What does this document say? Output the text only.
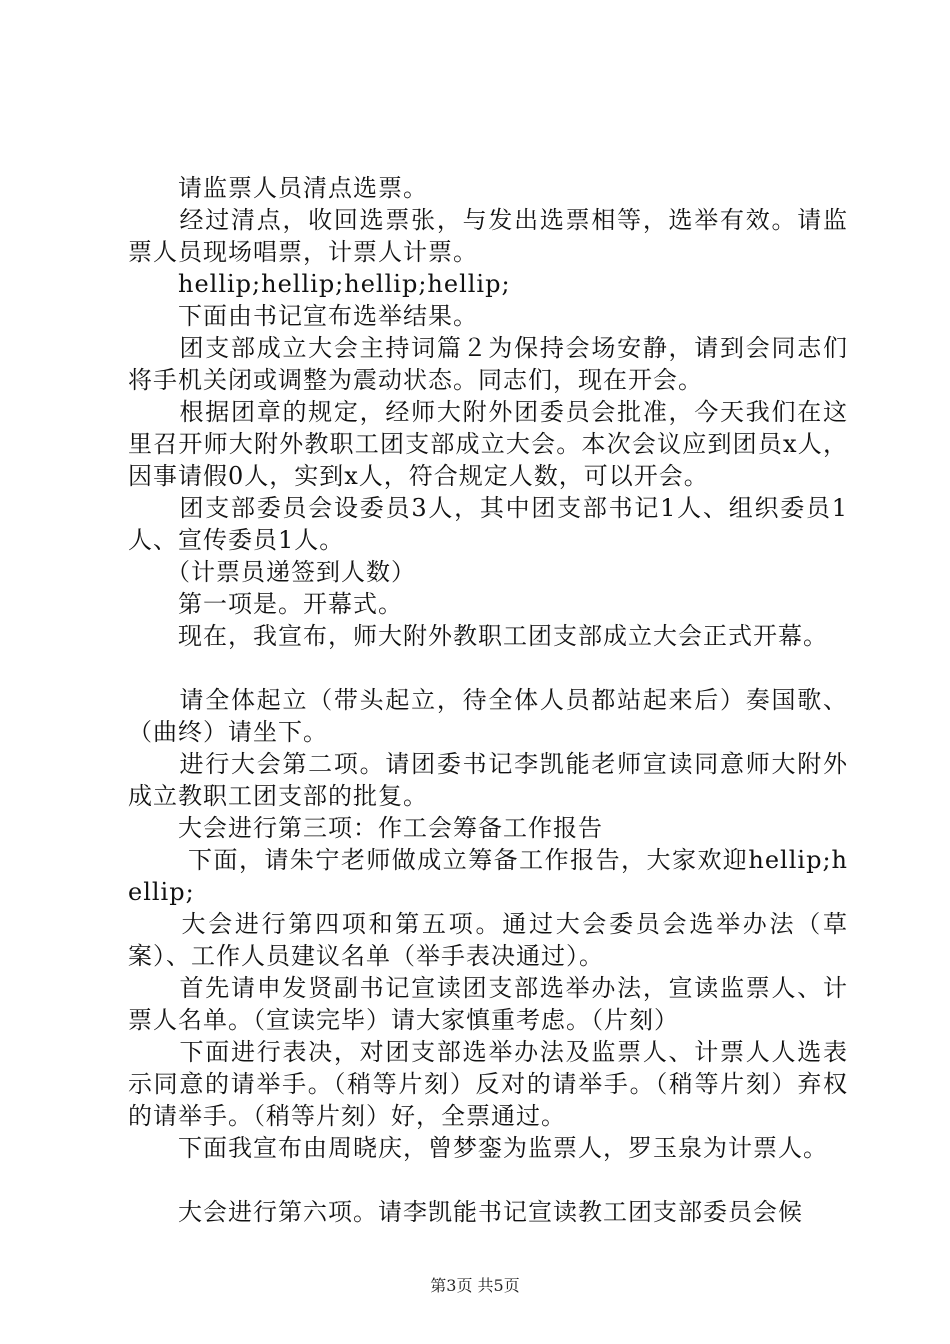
　　请监票人员清点选票。

　　经过清点，收回选票张，与发出选票相等，选举有效。请监票人员现场唱票，计票人计票。

　　hellip;hellip;hellip;hellip;

　　下面由书记宣布选举结果。

　　团支部成立大会主持词篇２为保持会场安静，请到会同志们将手机关闭或调整为震动状态。同志们，现在开会。

　　根据团章的规定，经师大附外团委员会批准，今天我们在这里召开师大附外教职工团支部成立大会。本次会议应到团员x人，因事请假0人，实到x人，符合规定人数，可以开会。

　　团支部委员会设委员3人，其中团支部书记1人、组织委员1人、宣传委员1人。

　　（计票员递签到人数）

　　第一项是。开幕式。

　　现在，我宣布，师大附外教职工团支部成立大会正式开幕。

　　请全体起立（带头起立，待全体人员都站起来后）奏国歌、（曲终）请坐下。

　　进行大会第二项。请团委书记李凯能老师宣读同意师大附外成立教职工团支部的批复。

　　大会进行第三项：作工会筹备工作报告

　　 下面，请朱宁老师做成立筹备工作报告，大家欢迎hellip;hellip;

　　大会进行第四项和第五项。通过大会委员会选举办法（草案）、工作人员建议名单（举手表决通过）。

　　首先请申发贤副书记宣读团支部选举办法，宣读监票人、计票人名单。（宣读完毕）请大家慎重考虑。（片刻）

　　下面进行表决，对团支部选举办法及监票人、计票人人选表示同意的请举手。（稍等片刻）反对的请举手。（稍等片刻）弃权的请举手。（稍等片刻）好，全票通过。

　　下面我宣布由周晓庆，曾梦銮为监票人，罗玉泉为计票人。

　　大会进行第六项。请李凯能书记宣读教工团支部委员会候

第3页 共5页
